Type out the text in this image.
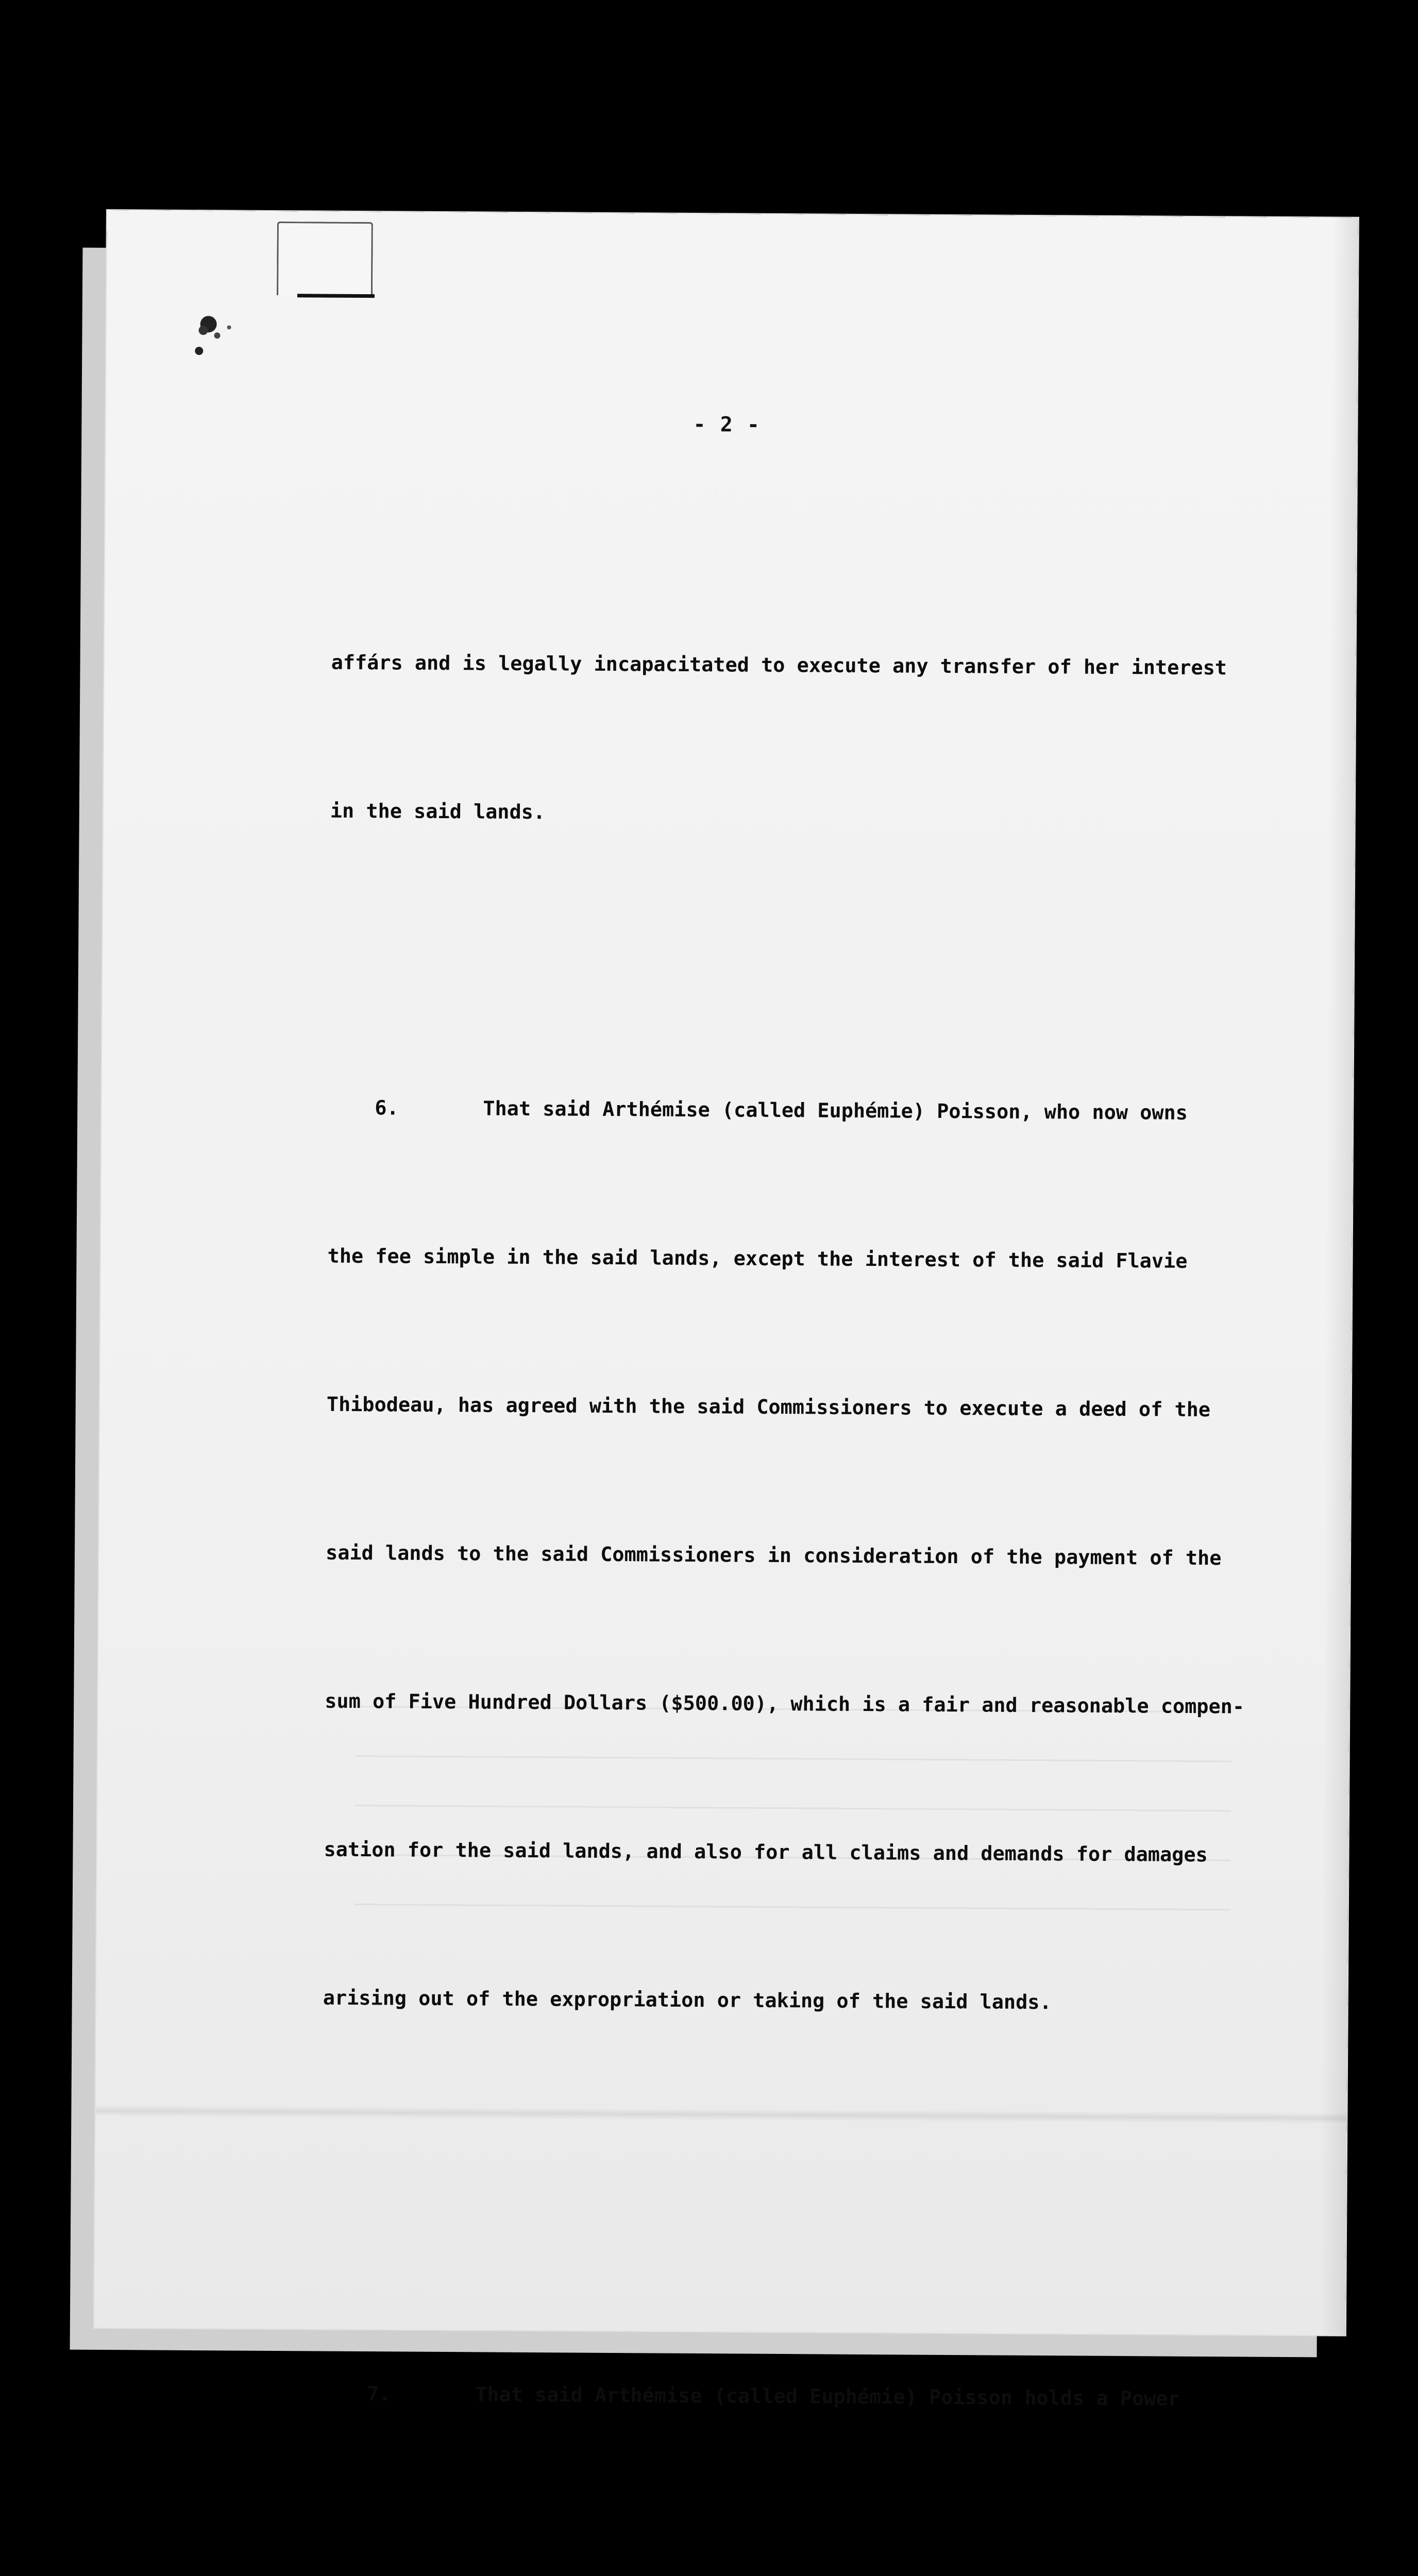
- 2 -

affárs and is legally incapacitated to execute any transfer of her interest

in the said lands.

6.	That said Arthémise (called Euphémie) Poisson, who now owns

the fee simple in the said lands, except the interest of the said Flavie

Thibodeau, has agreed with the said Commissioners to execute a deed of the

said lands to the said Commissioners in consideration of the payment of the

sum of Five Hundred Dollars ($500.00), which is a fair and reasonable compen-

sation for the said lands, and also for all claims and demands for damages

arising out of the expropriation or taking of the said lands.

7.	That said Arthémise (called Euphémie) Poisson holds a Power
